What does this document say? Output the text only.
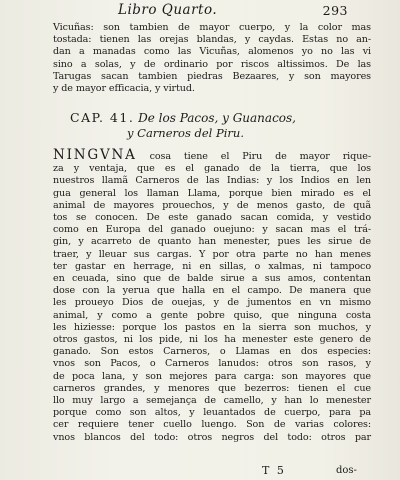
Libro Quarto.	293
Vicuñas: son tambien de mayor cuerpo, y la color mas
tostada: tienen las orejas blandas, y caydas. Estas no an-
dan a manadas como las Vicuñas, alomenos yo no las vi
sino a solas, y de ordinario por riscos altissimos. De las
Tarugas sacan tambien piedras Bezaares, y son mayores
y de mayor efficacia, y virtud.
CAP. 41. De los Pacos, y Guanacos,
y Carneros del Piru.
NINGVNA cosa tiene el Piru de mayor rique-
za y ventaja, que es el ganado de la tierra, que los
nuestros llamã Carneros de las Indias: y los Indios en len
gua general los llaman Llama, porque bien mirado es el
animal de mayores prouechos, y de menos gasto, de quã
tos se conocen. De este ganado sacan comida, y vestido
como en Europa del ganado ouejuno: y sacan mas el trá-
gin, y acarreto de quanto han menester, pues les sirue de
traer, y lleuar sus cargas. Y por otra parte no han menes
ter gastar en herrage, ni en sillas, o xalmas, ni tampoco
en ceuada, sino que de balde sirue a sus amos, contentan
dose con la yerua que halla en el campo. De manera que
les proueyo Dios de ouejas, y de jumentos en vn mismo
animal, y como a gente pobre quiso, que ninguna costa
les hiziesse: porque los pastos en la sierra son muchos, y
otros gastos, ni los pide, ni los ha menester este genero de
ganado. Son estos Carneros, o Llamas en dos especies:
vnos son Pacos, o Carneros lanudos: otros son rasos, y
de poca lana, y son mejores para carga: son mayores que
carneros grandes, y menores que bezerros: tienen el cue
llo muy largo a semejança de camello, y han lo menester
porque como son altos, y leuantados de cuerpo, para pa
cer requiere tener cuello luengo. Son de varias colores:
vnos blancos del todo: otros negros del todo: otros par
T 5	dos-
